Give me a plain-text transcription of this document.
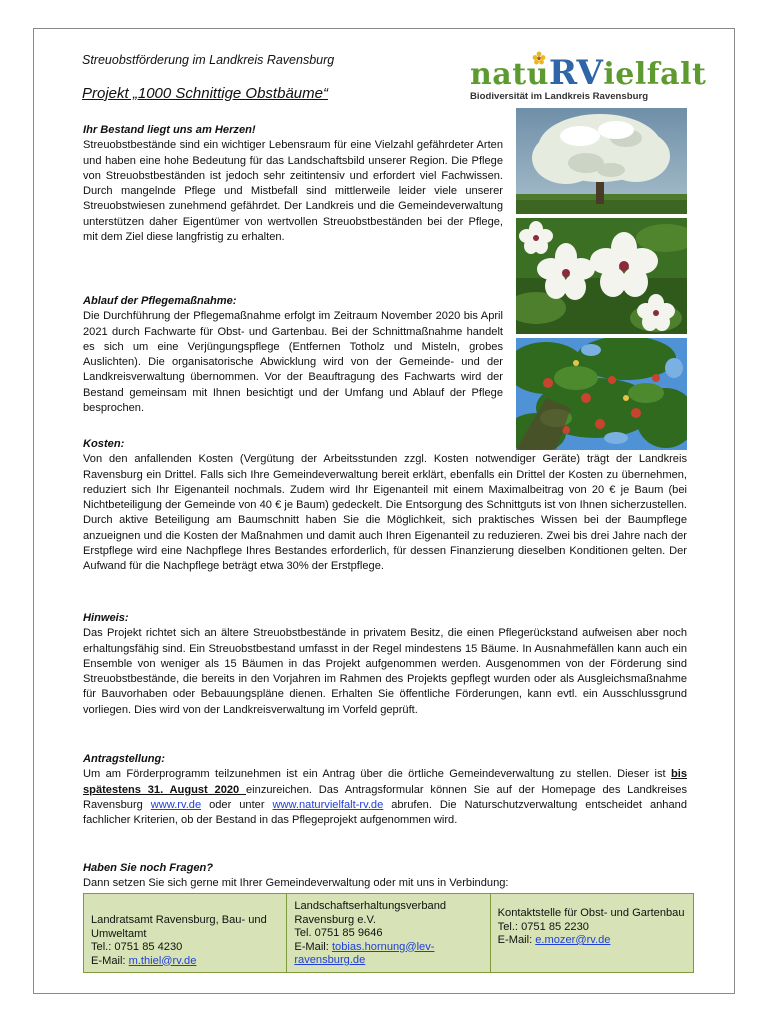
Streuobstförderung im Landkreis Ravensburg
Projekt „1000 Schnittige Obstbäume“
natuRVielfalt
Biodiversität im Landkreis Ravensburg

Ihr Bestand liegt uns am Herzen!

Streuobstbestände sind ein wichtiger Lebensraum für eine Vielzahl gefährdeter Arten und haben eine hohe Bedeutung für das Landschaftsbild unserer Region. Die Pflege von Streuobstbeständen ist jedoch sehr zeitintensiv und erfordert viel Fachwissen. Durch mangelnde Pflege und Mistbefall sind mittlerweile leider viele unserer Streuobstwiesen zunehmend gefährdet. Der Landkreis und die Gemeindeverwaltung unterstützen daher Eigentümer von wertvollen Streuobstbeständen bei der Pflege, mit dem Ziel diese langfristig zu erhalten.

Ablauf der Pflegemaßnahme:

Die Durchführung der Pflegemaßnahme erfolgt im Zeitraum November 2020 bis April 2021 durch Fachwarte für Obst- und Gartenbau. Bei der Schnittmaßnahme handelt es sich um eine Verjüngungspflege (Entfernen Totholz und Misteln, grobes Auslichten). Die organisatorische Abwicklung wird von der Gemeinde- und der Landkreisverwaltung übernommen. Vor der Beauftragung des Fachwarts wird der Bestand gemeinsam mit Ihnen besichtigt und der Umfang und Ablauf der Pflege besprochen.

Kosten:

Von den anfallenden Kosten (Vergütung der Arbeitsstunden zzgl. Kosten notwendiger Geräte) trägt der Landkreis Ravensburg ein Drittel. Falls sich Ihre Gemeindeverwaltung bereit erklärt, ebenfalls ein Drittel der Kosten zu übernehmen, reduziert sich Ihr Eigenanteil nochmals. Zudem wird Ihr Eigenanteil mit einem Maximalbeitrag von 20 € je Baum (bei Nichtbeteiligung der Gemeinde von 40 € je Baum) gedeckelt. Die Entsorgung des Schnittguts ist von Ihnen sicherzustellen. Durch aktive Beteiligung am Baumschnitt haben Sie die Möglichkeit, sich praktisches Wissen bei der Baumpflege anzueignen und die Kosten der Maßnahmen und damit auch Ihren Eigenanteil zu reduzieren. Zwei bis drei Jahre nach der Erstpflege wird eine Nachpflege Ihres Bestandes erforderlich, für dessen Finanzierung dieselben Konditionen gelten. Der Aufwand für die Nachpflege beträgt etwa 30% der Erstpflege.

Hinweis:

Das Projekt richtet sich an ältere Streuobstbestände in privatem Besitz, die einen Pflegerückstand aufweisen aber noch erhaltungsfähig sind. Ein Streuobstbestand umfasst in der Regel mindestens 15 Bäume. In Ausnahmefällen kann auch ein Ensemble von weniger als 15 Bäumen in das Projekt aufgenommen werden. Ausgenommen von der Förderung sind Streuobstbestände, die bereits in den Vorjahren im Rahmen des Projekts gepflegt wurden oder als Ausgleichsmaßnahme für Bauvorhaben oder Bebauungspläne dienen. Erhalten Sie öffentliche Förderungen, kann evtl. ein Ausschlussgrund vorliegen. Dies wird von der Landkreisverwaltung im Vorfeld geprüft.

Antragstellung:

Um am Förderprogramm teilzunehmen ist ein Antrag über die örtliche Gemeindeverwaltung zu stellen. Dieser ist bis spätestens 31. August 2020 einzureichen. Das Antragsformular können Sie auf der Homepage des Landkreises Ravensburg www.rv.de oder unter www.naturvielfalt-rv.de abrufen. Die Naturschutzverwaltung entscheidet anhand fachlicher Kriterien, ob der Bestand in das Pflegeprojekt aufgenommen wird.

Haben Sie noch Fragen?

Dann setzen Sie sich gerne mit Ihrer Gemeindeverwaltung oder mit uns in Verbindung:

Landratsamt Ravensburg, Bau- und Umweltamt
Tel.: 0751 85 4230
E-Mail: m.thiel@rv.de
Landschaftserhaltungsverband Ravensburg e.V.
Tel. 0751 85 9646
E-Mail: tobias.hornung@lev-ravensburg.de
Kontaktstelle für Obst- und Gartenbau
Tel.: 0751 85 2230
E-Mail: e.mozer@rv.de
